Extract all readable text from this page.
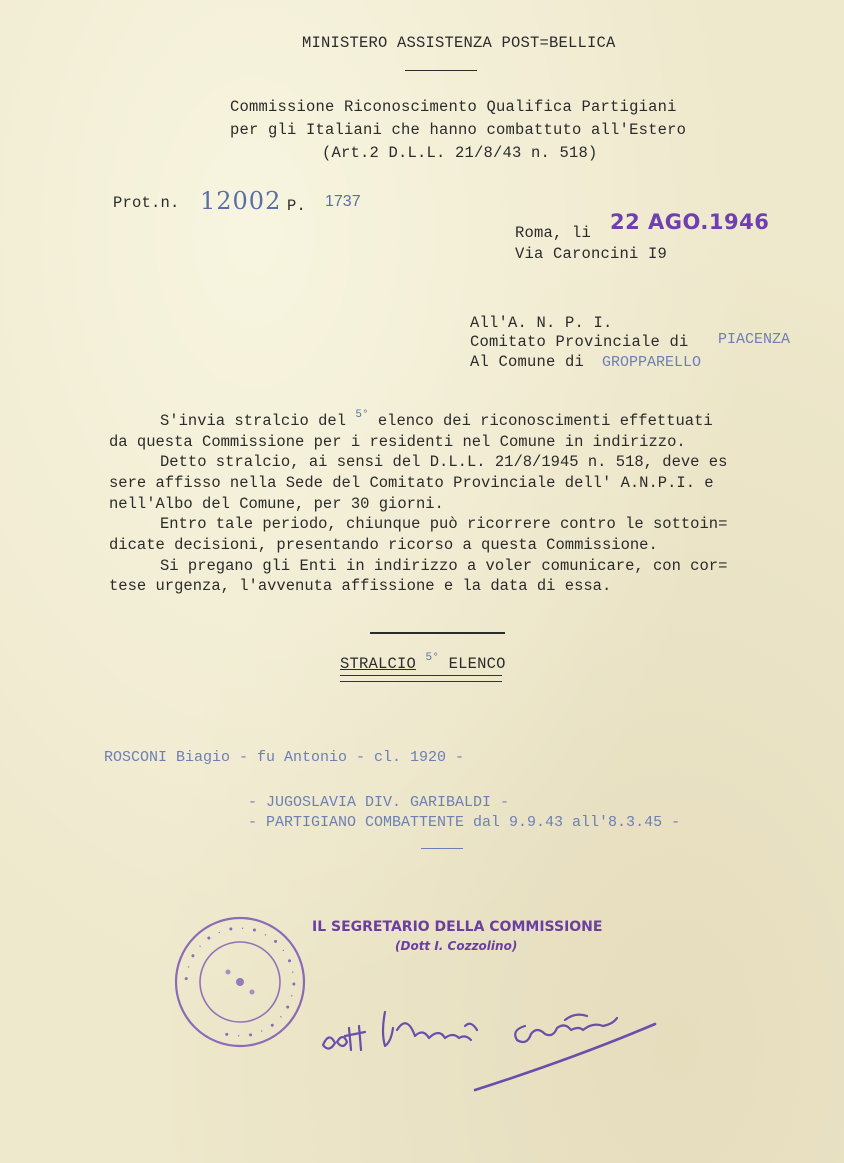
MINISTERO ASSISTENZA POST=BELLICA
Commissione Riconoscimento Qualifica Partigiani
per gli Italiani che hanno combattuto all'Estero
(Art.2 D.L.L. 21/8/43 n. 518)
Prot.n. 12002 P. 1737
Roma, li 22 AGO.1946
Via Caroncini I9
All'A. N. P. I.
Comitato Provinciale di PIACENZA
Al Comune di GROPPARELLO
S'invia stralcio del $^{5^\circ}$ elenco dei riconoscimenti effettuati
da questa Commissione per i residenti nel Comune in indirizzo.
Detto stralcio, ai sensi del D.L.L. 21/8/1945 n. 518, deve es
sere affisso nella Sede del Comitato Provinciale dell' A.N.P.I. e
nell'Albo del Comune, per 30 giorni.
Entro tale periodo, chiunque può ricorrere contro le sottoin=
dicate decisioni, presentando ricorso a questa Commissione.
Si pregano gli Enti in indirizzo a voler comunicare, con cor=
tese urgenza, l'avvenuta affissione e la data di essa.
STRALCIO $^{5^\circ}$ ELENCO
ROSCONI Biagio - fu Antonio - cl. 1920 -
- JUGOSLAVIA DIV. GARIBALDI -
- PARTIGIANO COMBATTENTE dal 9.9.43 all'8.3.45 -
• · • · • · • · • · • · • · • · • · • · • · •
IL SEGRETARIO DELLA COMMISSIONE
(Dott I. Cozzolino)
